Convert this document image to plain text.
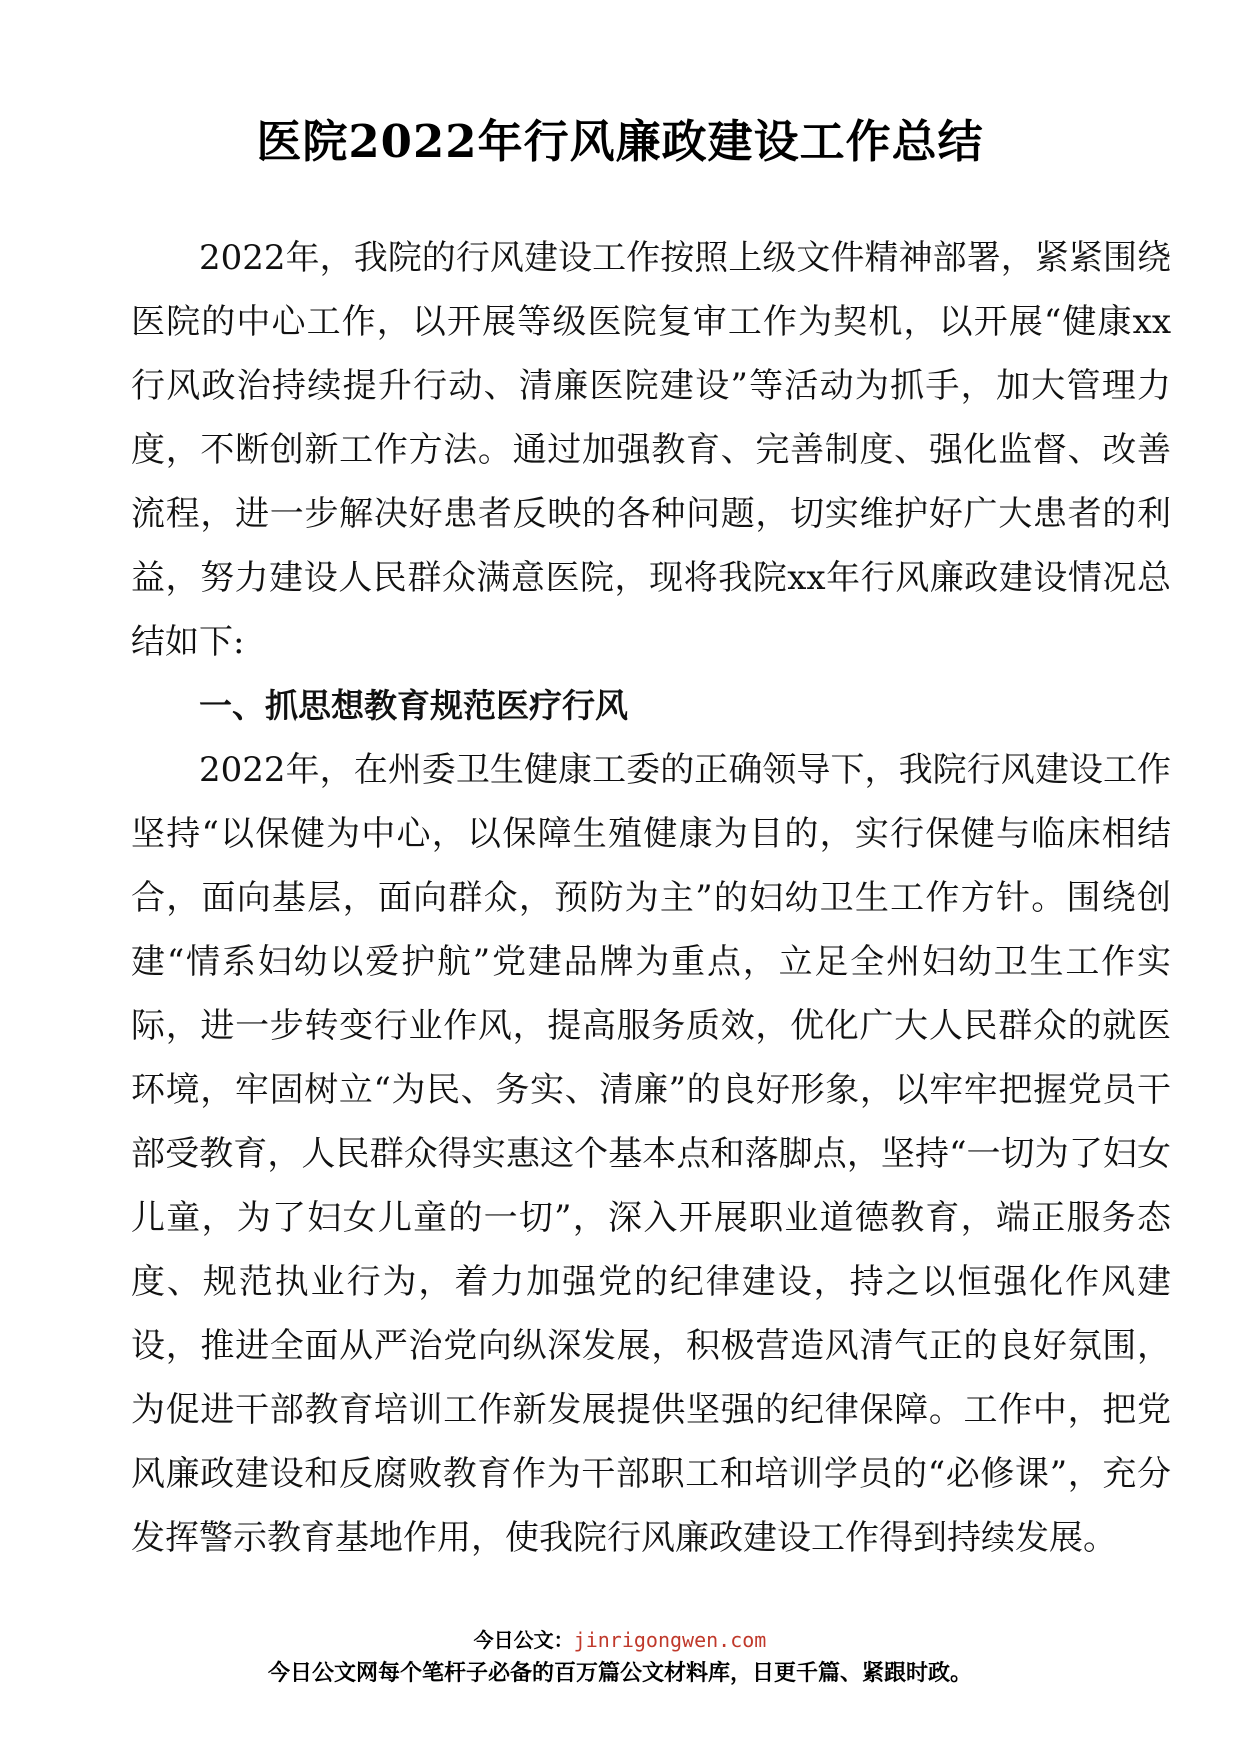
医院2022年行风廉政建设工作总结

2022年，我院的行风建设工作按照上级文件精神部署，紧紧围绕医院的中心工作，以开展等级医院复审工作为契机，以开展“健康xx行风政治持续提升行动、清廉医院建设”等活动为抓手，加大管理力度，不断创新工作方法。通过加强教育、完善制度、强化监督、改善流程，进一步解决好患者反映的各种问题，切实维护好广大患者的利益，努力建设人民群众满意医院，现将我院xx年行风廉政建设情况总结如下:

一、抓思想教育规范医疗行风

2022年，在州委卫生健康工委的正确领导下，我院行风建设工作坚持“以保健为中心，以保障生殖健康为目的，实行保健与临床相结合，面向基层，面向群众，预防为主”的妇幼卫生工作方针。围绕创建“情系妇幼以爱护航”党建品牌为重点，立足全州妇幼卫生工作实际，进一步转变行业作风，提高服务质效，优化广大人民群众的就医环境，牢固树立“为民、务实、清廉”的良好形象，以牢牢把握党员干部受教育，人民群众得实惠这个基本点和落脚点，坚持“一切为了妇女儿童，为了妇女儿童的一切”，深入开展职业道德教育，端正服务态度、规范执业行为，着力加强党的纪律建设，持之以恒强化作风建设，推进全面从严治党向纵深发展，积极营造风清气正的良好氛围，为促进干部教育培训工作新发展提供坚强的纪律保障。工作中，把党风廉政建设和反腐败教育作为干部职工和培训学员的“必修课”，充分发挥警示教育基地作用，使我院行风廉政建设工作得到持续发展。

今日公文：jinrigongwen.com
今日公文网每个笔杆子必备的百万篇公文材料库，日更千篇、紧跟时政。
